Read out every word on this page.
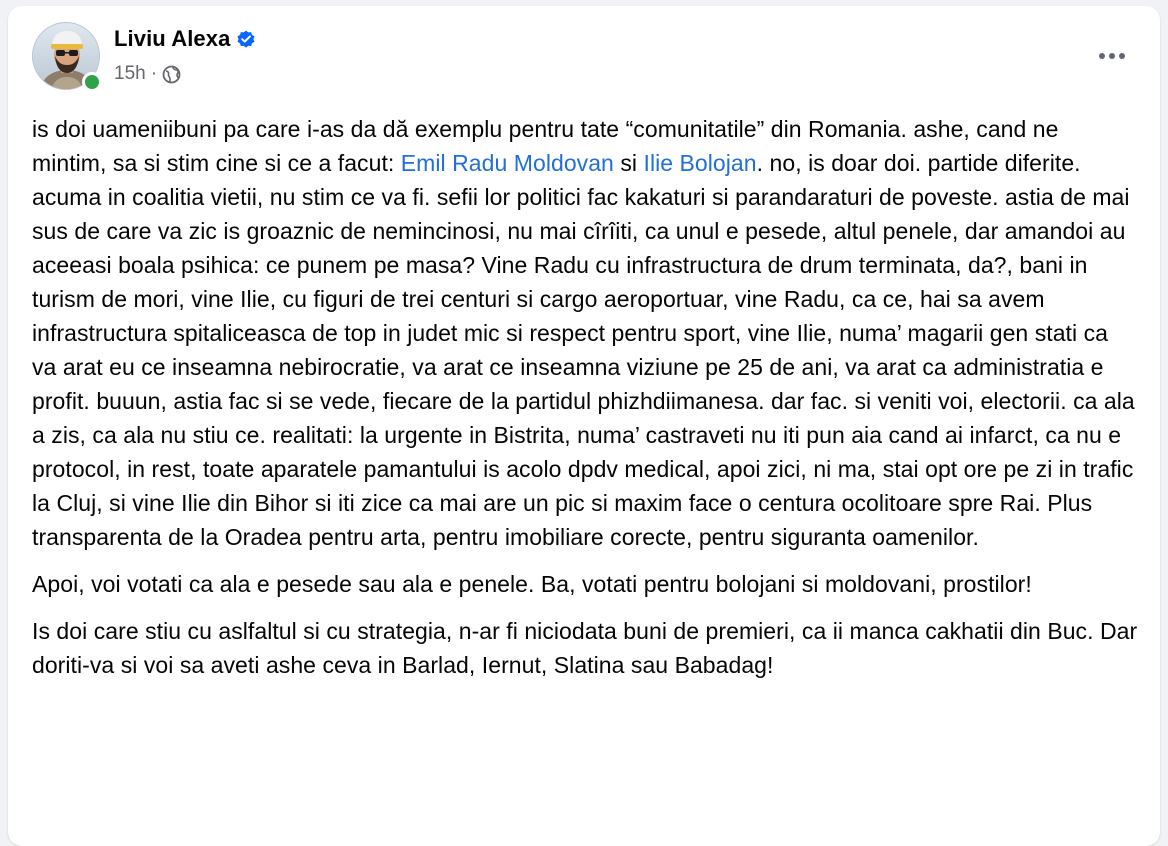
Liviu Alexa
15h ·

is doi uameniibuni pa care i-as da dă exemplu pentru tate “comunitatile” din Romania. ashe, cand ne mintim, sa si stim cine si ce a facut: Emil Radu Moldovan si Ilie Bolojan. no, is doar doi. partide diferite. acuma in coalitia vietii, nu stim ce va fi. sefii lor politici fac kakaturi si parandaraturi de poveste. astia de mai sus de care va zic is groaznic de nemincinosi, nu mai cîrîiti, ca unul e pesede, altul penele, dar amandoi au aceeasi boala psihica: ce punem pe masa? Vine Radu cu infrastructura de drum terminata, da?, bani in turism de mori, vine Ilie, cu figuri de trei centuri si cargo aeroportuar, vine Radu, ca ce, hai sa avem infrastructura spitaliceasca de top in judet mic si respect pentru sport, vine Ilie, numa’ magarii gen stati ca va arat eu ce inseamna nebirocratie, va arat ce inseamna viziune pe 25 de ani, va arat ca administratia e profit. buuun, astia fac si se vede, fiecare de la partidul phizhdiimanesa. dar fac. si veniti voi, electorii. ca ala a zis, ca ala nu stiu ce. realitati: la urgente in Bistrita, numa’ castraveti nu iti pun aia cand ai infarct, ca nu e protocol, in rest, toate aparatele pamantului is acolo dpdv medical, apoi zici, ni ma, stai opt ore pe zi in trafic la Cluj, si vine Ilie din Bihor si iti zice ca mai are un pic si maxim face o centura ocolitoare spre Rai. Plus transparenta de la Oradea pentru arta, pentru imobiliare corecte, pentru siguranta oamenilor.

Apoi, voi votati ca ala e pesede sau ala e penele. Ba, votati pentru bolojani si moldovani, prostilor!

Is doi care stiu cu aslfaltul si cu strategia, n-ar fi niciodata buni de premieri, ca ii manca cakhatii din Buc. Dar doriti-va si voi sa aveti ashe ceva in Barlad, Iernut, Slatina sau Babadag!
